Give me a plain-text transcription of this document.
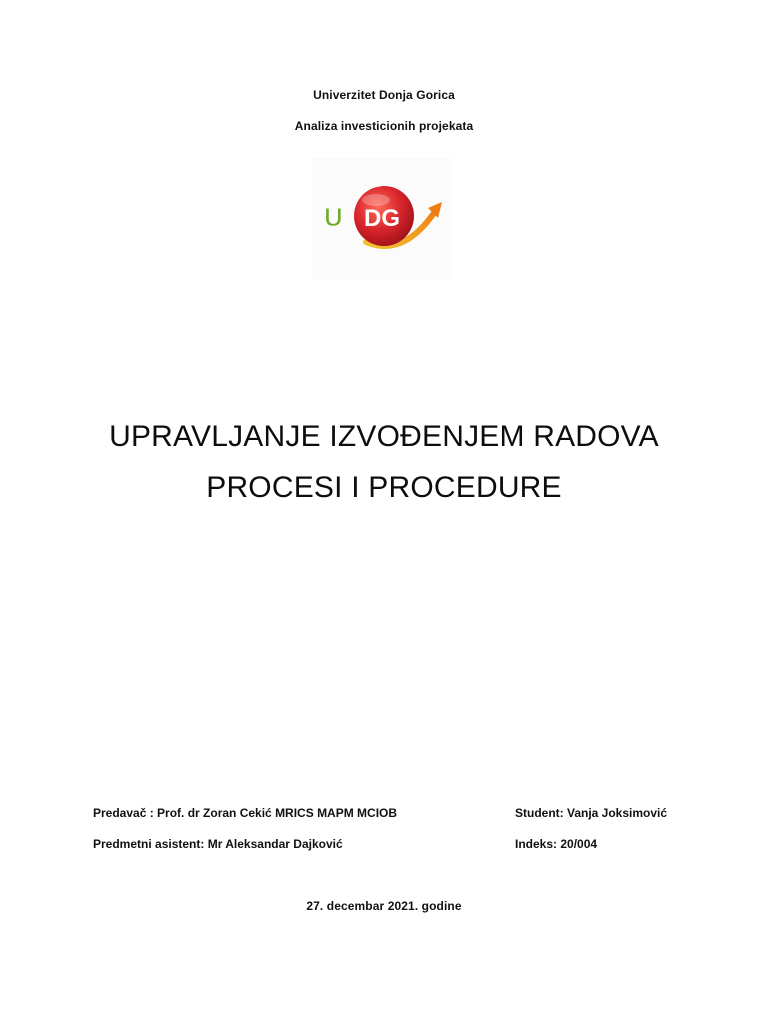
Univerzitet Donja Gorica
Analiza investicionih projekata
U DG
UPRAVLJANJE IZVOĐENJEM RADOVA
PROCESI I PROCEDURE
Predavač : Prof. dr Zoran Cekić MRICS MAPM MCIOB
Predmetni asistent: Mr Aleksandar Dajković
Student: Vanja Joksimović
Indeks: 20/004
27. decembar 2021. godine
